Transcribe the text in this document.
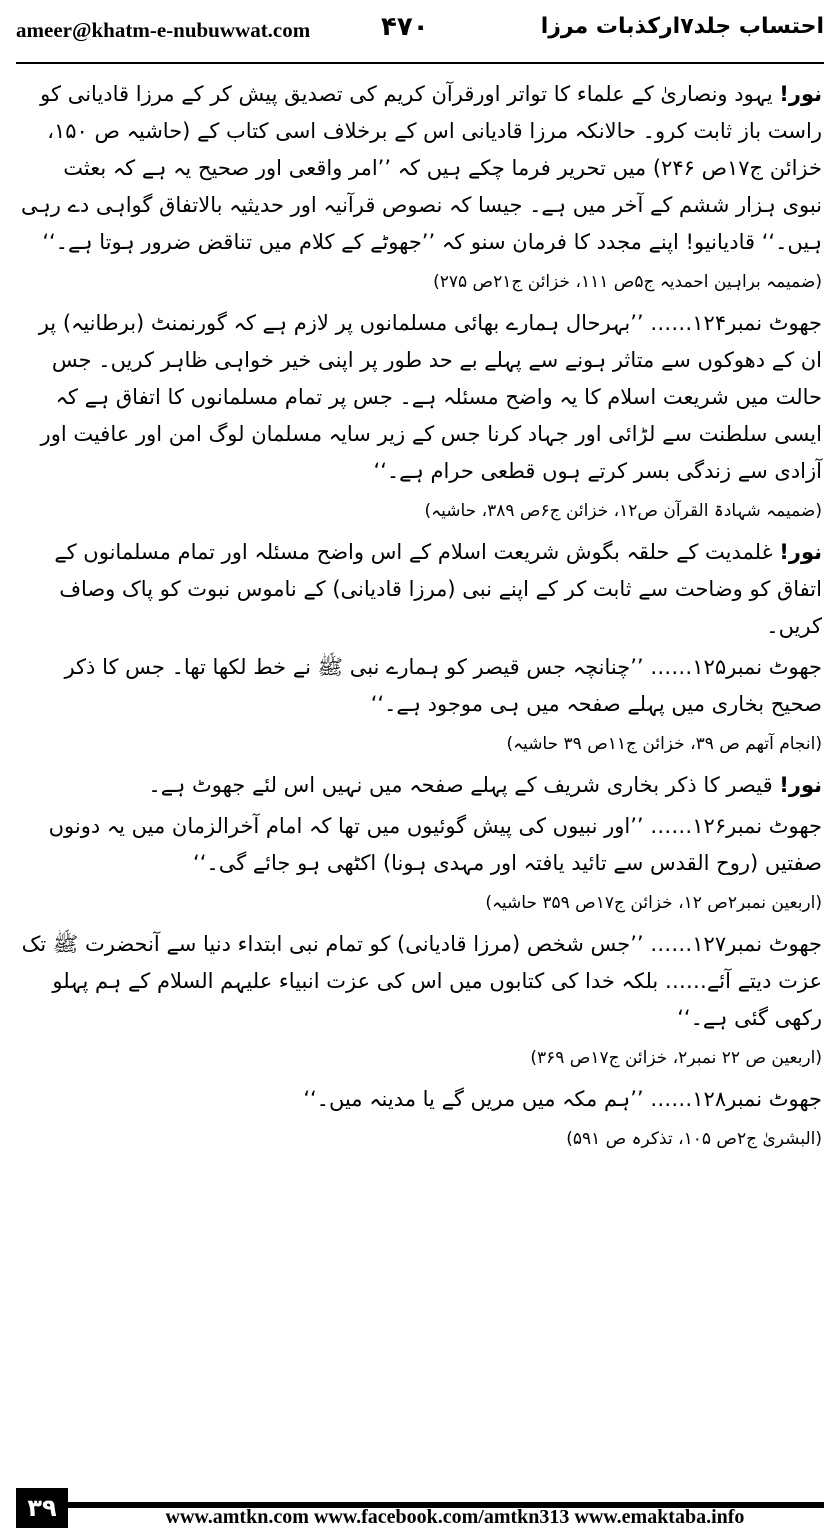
ameer@khatm-e-nubuwwat.com	۴۷۰	احتساب جلد۷ارکذبات مرزا

نور! یہود ونصاریٰ کے علماء کا تواتر اورقرآن کریم کی تصدیق پیش کر کے مرزا قادیانی کو راست باز ثابت کرو۔ حالانکہ مرزا قادیانی اس کے برخلاف اسی کتاب کے (حاشیہ ص ۱۵۰، خزائن ج۱۷ص ۲۴۶) میں تحریر فرما چکے ہیں کہ ’’امر واقعی اور صحیح یہ ہے کہ بعثت نبوی ہزار ششم کے آخر میں ہے۔ جیسا کہ نصوص قرآنیہ اور حدیثیہ بالاتفاق گواہی دے رہی ہیں۔‘‘ قادیانیو! اپنے مجدد کا فرمان سنو کہ ’’جھوٹے کے کلام میں تناقض ضرور ہوتا ہے۔‘‘

(ضمیمہ براہین احمدیہ ج۵ص ۱۱۱، خزائن ج۲۱ص ۲۷۵)

جھوٹ نمبر۱۲۴…… ’’بہرحال ہمارے بھائی مسلمانوں پر لازم ہے کہ گورنمنٹ (برطانیہ) پر ان کے دھوکوں سے متاثر ہونے سے پہلے بے حد طور پر اپنی خیر خواہی ظاہر کریں۔ جس حالت میں شریعت اسلام کا یہ واضح مسئلہ ہے۔ جس پر تمام مسلمانوں کا اتفاق ہے کہ ایسی سلطنت سے لڑائی اور جہاد کرنا جس کے زیر سایہ مسلمان لوگ امن اور عافیت اور آزادی سے زندگی بسر کرتے ہوں قطعی حرام ہے۔‘‘

(ضمیمہ شہادۃ القرآن ص۱۲، خزائن ج۶ص ۳۸۹، حاشیہ)

نور! غلمدیت کے حلقہ بگوش شریعت اسلام کے اس واضح مسئلہ اور تمام مسلمانوں کے اتفاق کو وضاحت سے ثابت کر کے اپنے نبی (مرزا قادیانی) کے ناموس نبوت کو پاک وصاف کریں۔

جھوٹ نمبر۱۲۵…… ’’چنانچہ جس قیصر کو ہمارے نبی ﷺ نے خط لکھا تھا۔ جس کا ذکر صحیح بخاری میں پہلے صفحہ میں ہی موجود ہے۔‘‘

(انجام آتھم ص ۳۹، خزائن ج۱۱ص ۳۹ حاشیہ)

نور! قیصر کا ذکر بخاری شریف کے پہلے صفحہ میں نہیں اس لئے جھوٹ ہے۔

جھوٹ نمبر۱۲۶…… ’’اور نبیوں کی پیش گوئیوں میں تھا کہ امام آخرالزمان میں یہ دونوں صفتیں (روح القدس سے تائید یافتہ اور مہدی ہونا) اکٹھی ہو جائے گی۔‘‘

(اربعین نمبر۲ص ۱۲، خزائن ج۱۷ص ۳۵۹ حاشیہ)

جھوٹ نمبر۱۲۷…… ’’جس شخص (مرزا قادیانی) کو تمام نبی ابتداء دنیا سے آنحضرت ﷺ تک عزت دیتے آئے…… بلکہ خدا کی کتابوں میں اس کی عزت انبیاء علیہم السلام کے ہم پہلو رکھی گئی ہے۔‘‘

(اربعین ص ۲۲ نمبر۲، خزائن ج۱۷ص ۳۶۹)

جھوٹ نمبر۱۲۸…… ’’ہم مکہ میں مریں گے یا مدینہ میں۔‘‘

(البشریٰ ج۲ص ۱۰۵، تذکرہ ص ۵۹۱)
۳۹	www.amtkn.com www.facebook.com/amtkn313 www.emaktaba.info
